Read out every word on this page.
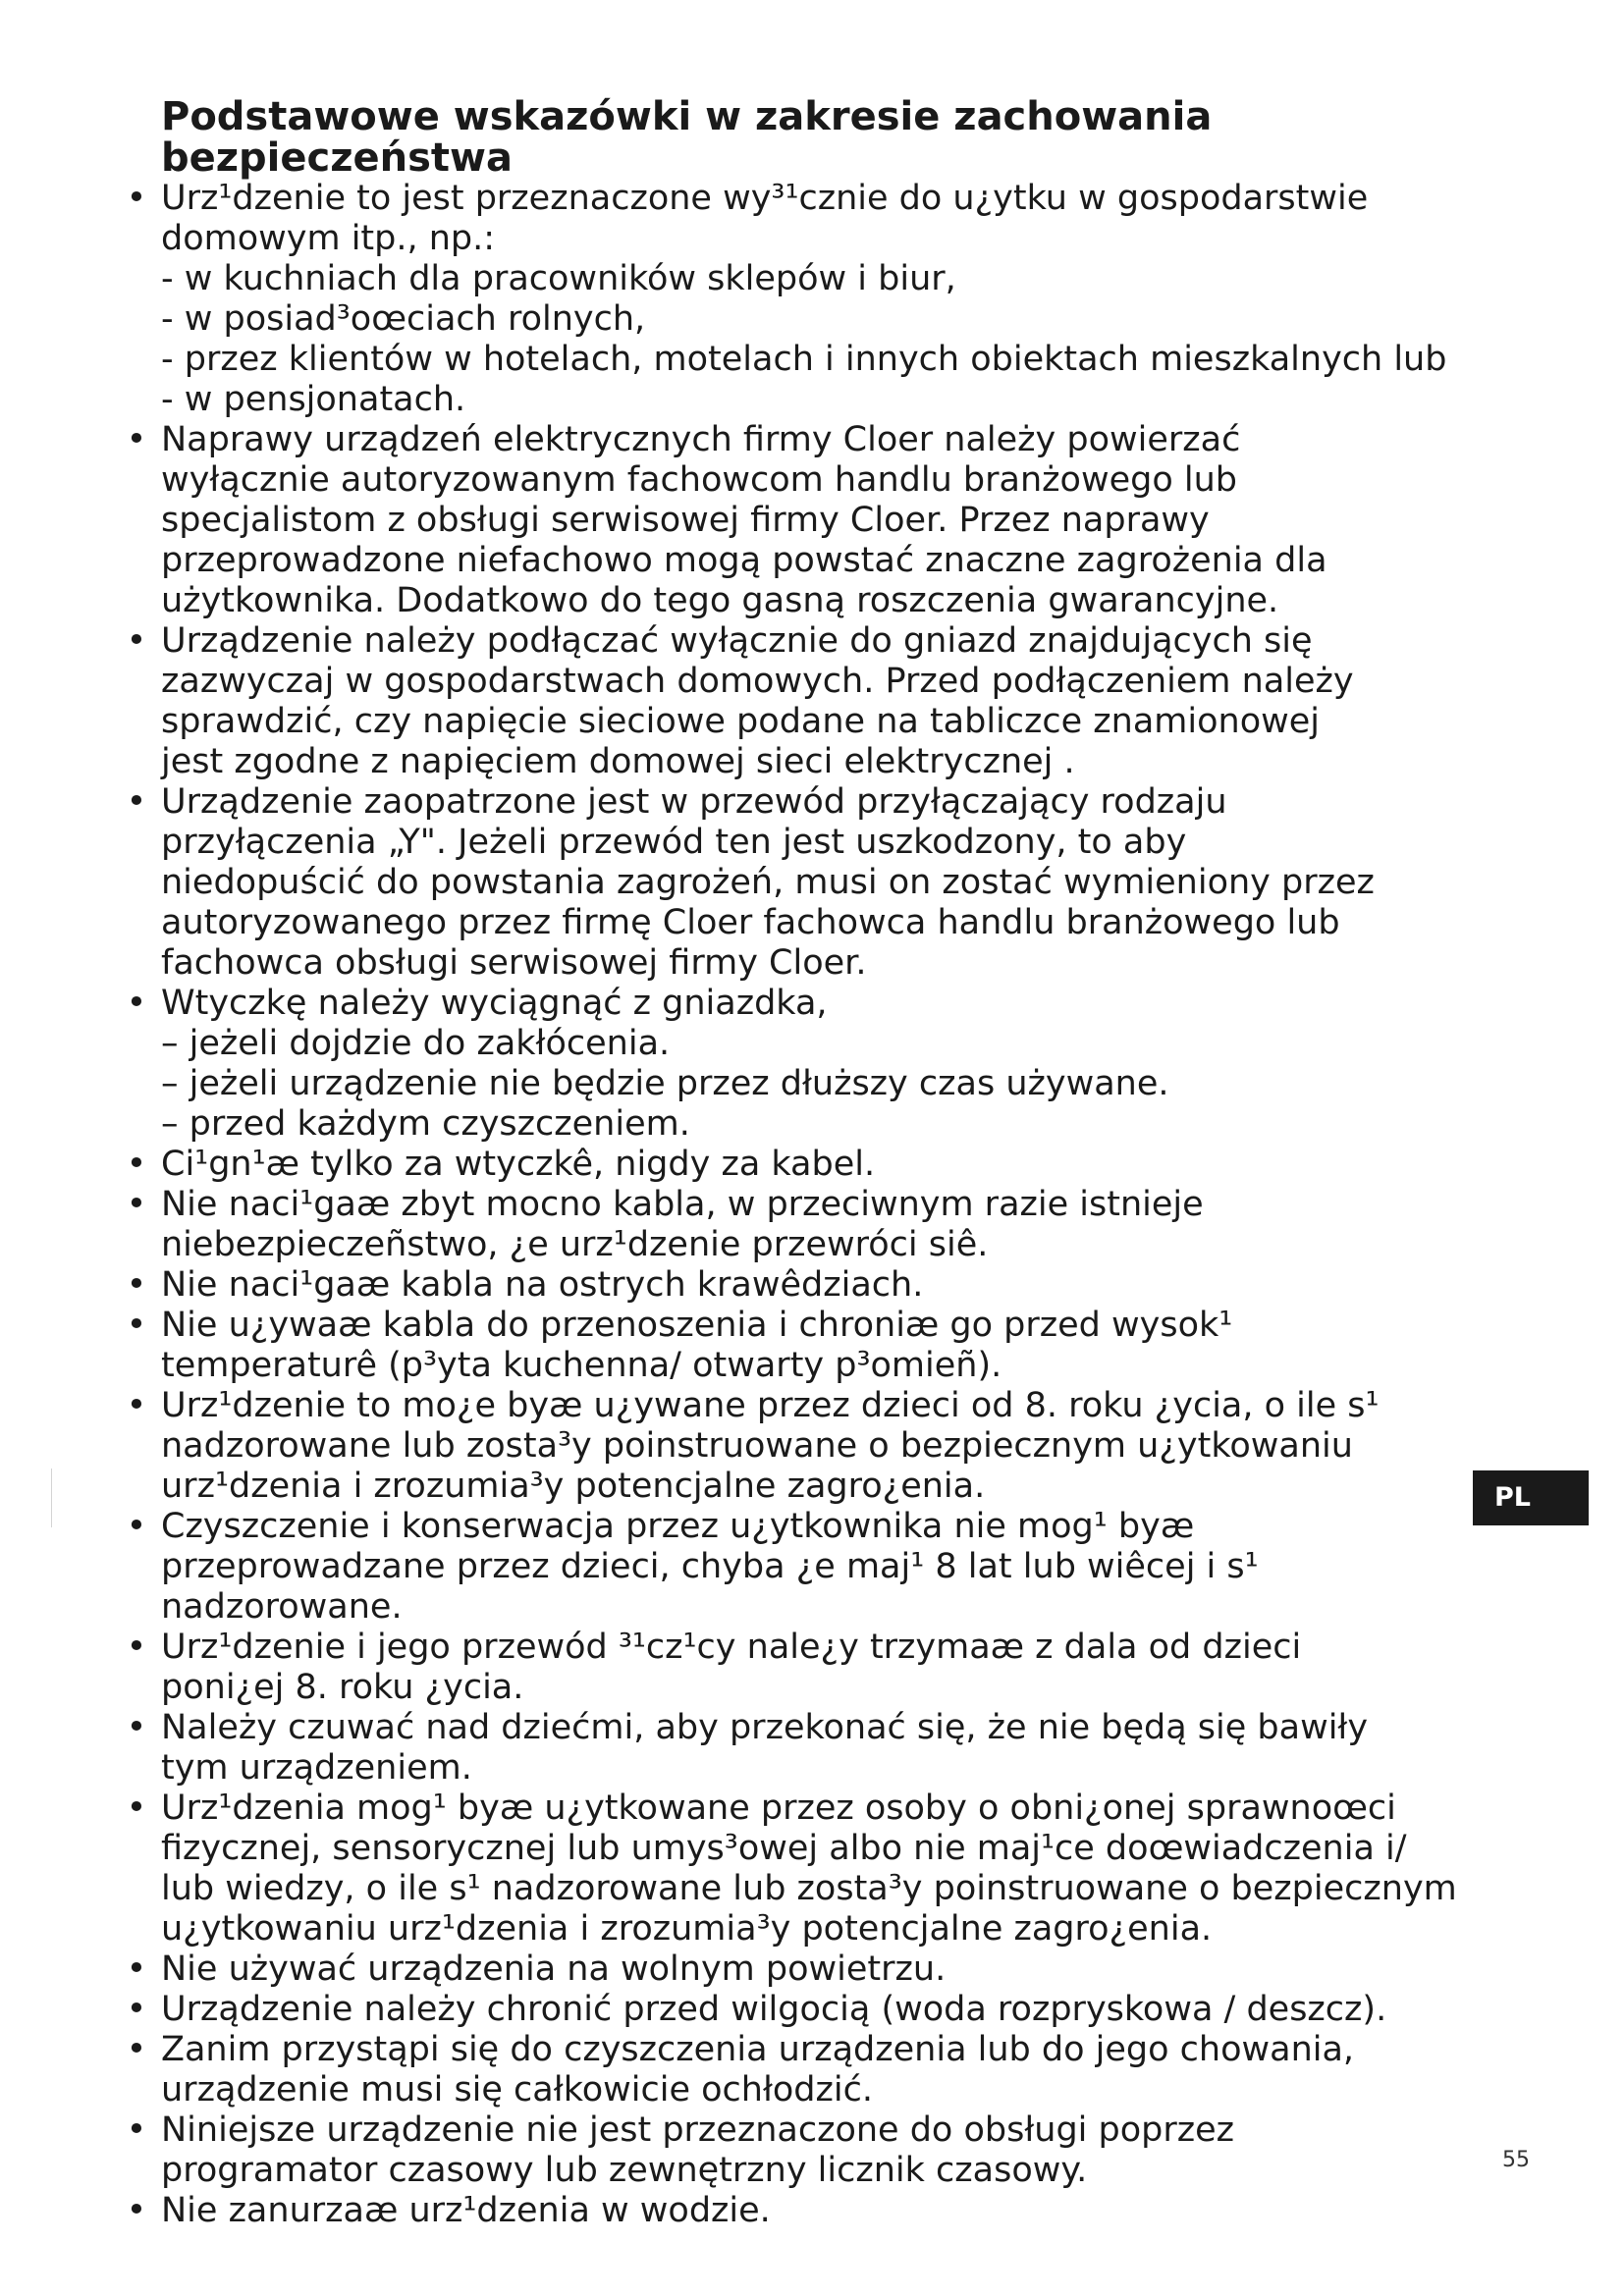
Podstawowe wskazówki w zakresie zachowania bezpieczeństwa
• Urz¹dzenie to jest przeznaczone wy³¹cznie do u¿ytku w gospodarstwie
domowym itp., np.:
- w kuchniach dla pracowników sklepów i biur,
- w posiad³oœciach rolnych,
- przez klientów w hotelach, motelach i innych obiektach mieszkalnych lub
- w pensjonatach.
• Naprawy urządzeń elektrycznych firmy Cloer należy powierzać
wyłącznie autoryzowanym fachowcom handlu branżowego lub
specjalistom z obsługi serwisowej firmy Cloer. Przez naprawy
przeprowadzone niefachowo mogą powstać znaczne zagrożenia dla
użytkownika. Dodatkowo do tego gasną roszczenia gwarancyjne.
• Urządzenie należy podłączać wyłącznie do gniazd znajdujących się
zazwyczaj w gospodarstwach domowych. Przed podłączeniem należy
sprawdzić, czy napięcie sieciowe podane na tabliczce znamionowej
jest zgodne z napięciem domowej sieci elektrycznej .
• Urządzenie zaopatrzone jest w przewód przyłączający rodzaju
przyłączenia „Y". Jeżeli przewód ten jest uszkodzony, to aby
niedopuścić do powstania zagrożeń, musi on zostać wymieniony przez
autoryzowanego przez firmę Cloer fachowca handlu branżowego lub
fachowca obsługi serwisowej firmy Cloer.
• Wtyczkę należy wyciągnąć z gniazdka,
– jeżeli dojdzie do zakłócenia.
– jeżeli urządzenie nie będzie przez dłuższy czas używane.
– przed każdym czyszczeniem.
• Ci¹gn¹æ tylko za wtyczkê, nigdy za kabel.
• Nie naci¹gaæ zbyt mocno kabla, w przeciwnym razie istnieje
niebezpieczeñstwo, ¿e urz¹dzenie przewróci siê.
• Nie naci¹gaæ kabla na ostrych krawêdziach.
• Nie u¿ywaæ kabla do przenoszenia i chroniæ go przed wysok¹
temperaturê (p³yta kuchenna/ otwarty p³omieñ).
• Urz¹dzenie to mo¿e byæ u¿ywane przez dzieci od 8. roku ¿ycia, o ile s¹
nadzorowane lub zosta³y poinstruowane o bezpiecznym u¿ytkowaniu
urz¹dzenia i zrozumia³y potencjalne zagro¿enia.
• Czyszczenie i konserwacja przez u¿ytkownika nie mog¹ byæ
przeprowadzane przez dzieci, chyba ¿e maj¹ 8 lat lub wiêcej i s¹
nadzorowane.
• Urz¹dzenie i jego przewód ³¹cz¹cy nale¿y trzymaæ z dala od dzieci
poni¿ej 8. roku ¿ycia.
• Należy czuwać nad dziećmi, aby przekonać się, że nie będą się bawiły
tym urządzeniem.
• Urz¹dzenia mog¹ byæ u¿ytkowane przez osoby o obni¿onej sprawnoœci
fizycznej, sensorycznej lub umys³owej albo nie maj¹ce doœwiadczenia i/
lub wiedzy, o ile s¹ nadzorowane lub zosta³y poinstruowane o bezpiecznym
u¿ytkowaniu urz¹dzenia i zrozumia³y potencjalne zagro¿enia.
• Nie używać urządzenia na wolnym powietrzu.
• Urządzenie należy chronić przed wilgocią (woda rozpryskowa / deszcz).
• Zanim przystąpi się do czyszczenia urządzenia lub do jego chowania,
urządzenie musi się całkowicie ochłodzić.
• Niniejsze urządzenie nie jest przeznaczone do obsługi poprzez
programator czasowy lub zewnętrzny licznik czasowy.
• Nie zanurzaæ urz¹dzenia w wodzie.
PL
55
